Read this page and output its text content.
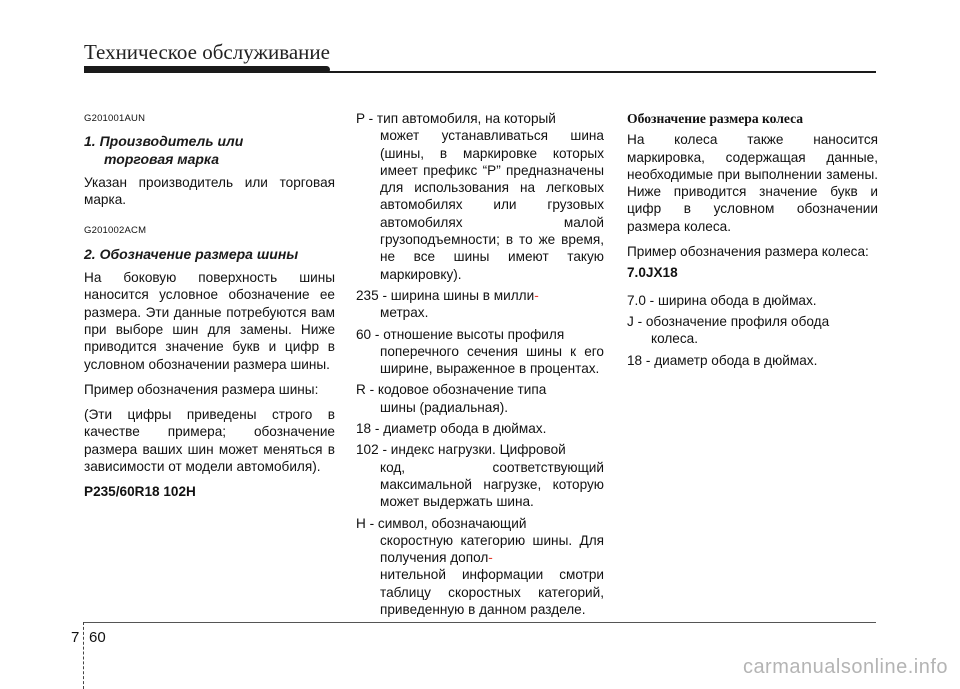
Техническое обслуживание
G201001AUN
1. Производитель или
торговая марка

Указан производитель или торговая марка.

G201002ACM
2. Обозначение размера шины

На боковую поверхность шины наносится условное обозначение ее размера. Эти данные потребуются вам при выборе шин для замены. Ниже приводится значение букв и цифр в условном обозначении размера шины.

Пример обозначения размера шины:

(Эти цифры приведены строго в качестве примера; обозначение размера ваших шин может меняться в зависимости от модели автомобиля).

P235/60R18 102H

P - тип автомобиля, на который
может устанавливаться шина (шины, в маркировке которых имеет префикс “P” предназначены для использования на легковых автомобилях или грузовых автомобилях малой грузоподъемности; в то же время, не все шины имеют такую маркировку).
235 - ширина шины в милли-
метрах.
60 - отношение высоты профиля
поперечного сечения шины к его ширине, выраженное в процентах.
R - кодовое обозначение типа
шины (радиальная).
18 - диаметр обода в дюймах.
102 - индекс нагрузки. Цифровой
код, соответствующий максимальной нагрузке, которую может выдержать шина.
H - символ, обозначающий
скоростную категорию шины. Для получения допол-
нительной информации смотри таблицу скоростных категорий, приведенную в данном разделе.
Обозначение размера колеса

На колеса также наносится маркировка, содержащая данные, необходимые при выполнении замены. Ниже приводится значение букв и цифр в условном обозначении размера колеса.

Пример обозначения размера колеса:

7.0JX18

7.0 - ширина обода в дюймах.
J - обозначение профиля обода
колеса.
18 - диаметр обода в дюймах.
7 60
carmanualsonline.info
